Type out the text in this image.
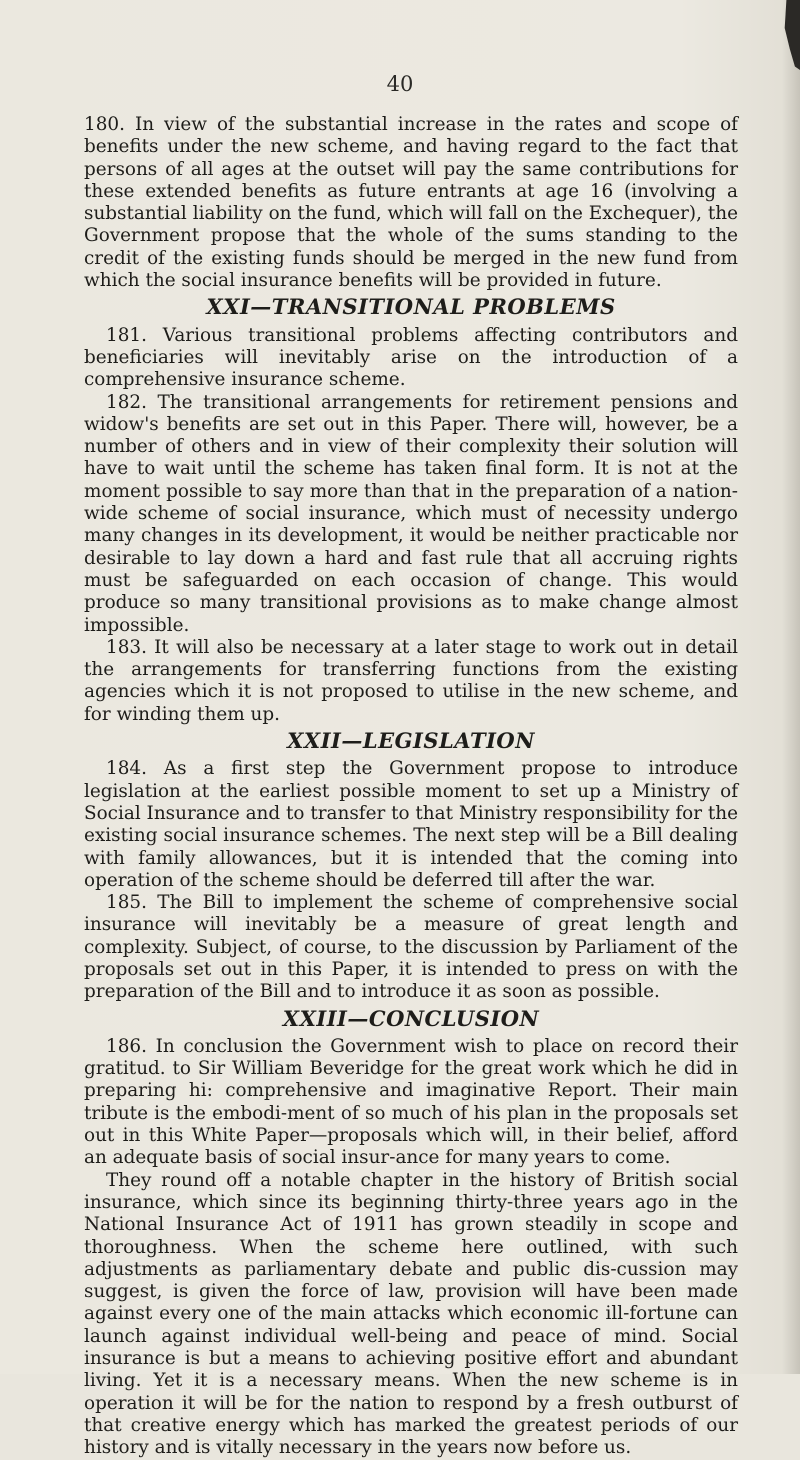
40

180. In view of the substantial increase in the rates and scope of benefits under the new scheme, and having regard to the fact that persons of all ages at the outset will pay the same contributions for these extended benefits as future entrants at age 16 (involving a substantial liability on the fund, which will fall on the Exchequer), the Government propose that the whole of the sums standing to the credit of the existing funds should be merged in the new fund from which the social insurance benefits will be provided in future.

XXI—TRANSITIONAL PROBLEMS

181. Various transitional problems affecting contributors and beneficiaries will inevitably arise on the introduction of a comprehensive insurance scheme.

182. The transitional arrangements for retirement pensions and widow's benefits are set out in this Paper. There will, however, be a number of others and in view of their complexity their solution will have to wait until the scheme has taken final form. It is not at the moment possible to say more than that in the preparation of a nation-wide scheme of social insurance, which must of necessity undergo many changes in its development, it would be neither practicable nor desirable to lay down a hard and fast rule that all accruing rights must be safeguarded on each occasion of change. This would produce so many transitional provisions as to make change almost impossible.

183. It will also be necessary at a later stage to work out in detail the arrangements for transferring functions from the existing agencies which it is not proposed to utilise in the new scheme, and for winding them up.

XXII—LEGISLATION

184. As a first step the Government propose to introduce legislation at the earliest possible moment to set up a Ministry of Social Insurance and to transfer to that Ministry responsibility for the existing social insurance schemes. The next step will be a Bill dealing with family allowances, but it is intended that the coming into operation of the scheme should be deferred till after the war.

185. The Bill to implement the scheme of comprehensive social insurance will inevitably be a measure of great length and complexity. Subject, of course, to the discussion by Parliament of the proposals set out in this Paper, it is intended to press on with the preparation of the Bill and to introduce it as soon as possible.

XXIII—CONCLUSION

186. In conclusion the Government wish to place on record their gratitud. to Sir William Beveridge for the great work which he did in preparing hi: comprehensive and imaginative Report. Their main tribute is the embodi-ment of so much of his plan in the proposals set out in this White Paper—proposals which will, in their belief, afford an adequate basis of social insur-ance for many years to come.

They round off a notable chapter in the history of British social insurance, which since its beginning thirty-three years ago in the National Insurance Act of 1911 has grown steadily in scope and thoroughness. When the scheme here outlined, with such adjustments as parliamentary debate and public dis-cussion may suggest, is given the force of law, provision will have been made against every one of the main attacks which economic ill-fortune can launch against individual well-being and peace of mind. Social insurance is but a means to achieving positive effort and abundant living. Yet it is a necessary means. When the new scheme is in operation it will be for the nation to respond by a fresh outburst of that creative energy which has marked the greatest periods of our history and is vitally necessary in the years now before us.
